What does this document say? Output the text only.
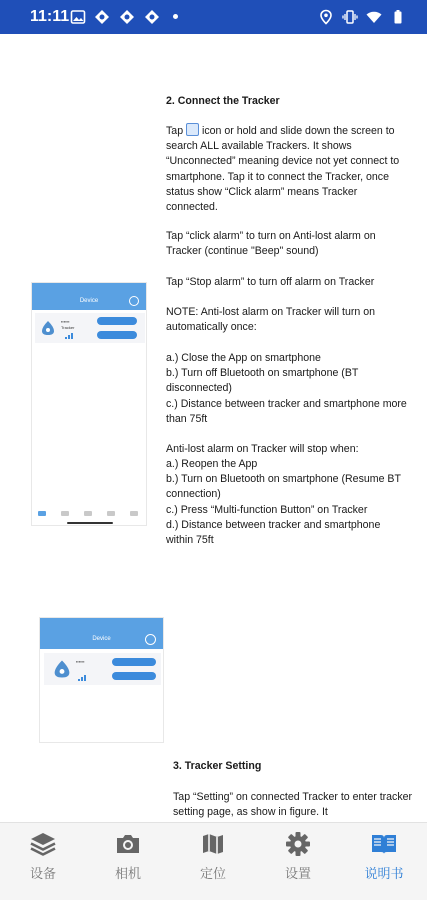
11:11
2. Connect the Tracker
Tap icon or hold and slide down the screen to search ALL available Trackers. It shows “Unconnected” meaning device not yet connect to smartphone. Tap it to connect the Tracker, once status show “Click alarm” means Tracker connected.
Tap “click alarm” to turn on Anti-lost alarm on Tracker (continue "Beep" sound)
Tap “Stop alarm” to turn off alarm on Tracker
NOTE: Anti-lost alarm on Tracker will turn on automatically once:
a.) Close the App on smartphone
b.) Turn off Bluetooth on smartphone (BT disconnected)
c.) Distance between tracker and smartphone more than 75ft
Anti-lost alarm on Tracker will stop when:
a.) Reopen the App
b.) Turn on Bluetooth on smartphone (Resume BT connection)
c.) Press “Multi-function Button” on Tracker
d.) Distance between tracker and smartphone within 75ft
3. Tracker Setting
Tap “Setting” on connected Tracker to enter tracker setting page, as show in figure. It
Device
▪▪▪▪▪▪
Tracker
Device
▪▪▪▪▪▪
设备	相机	定位	设置	说明书
